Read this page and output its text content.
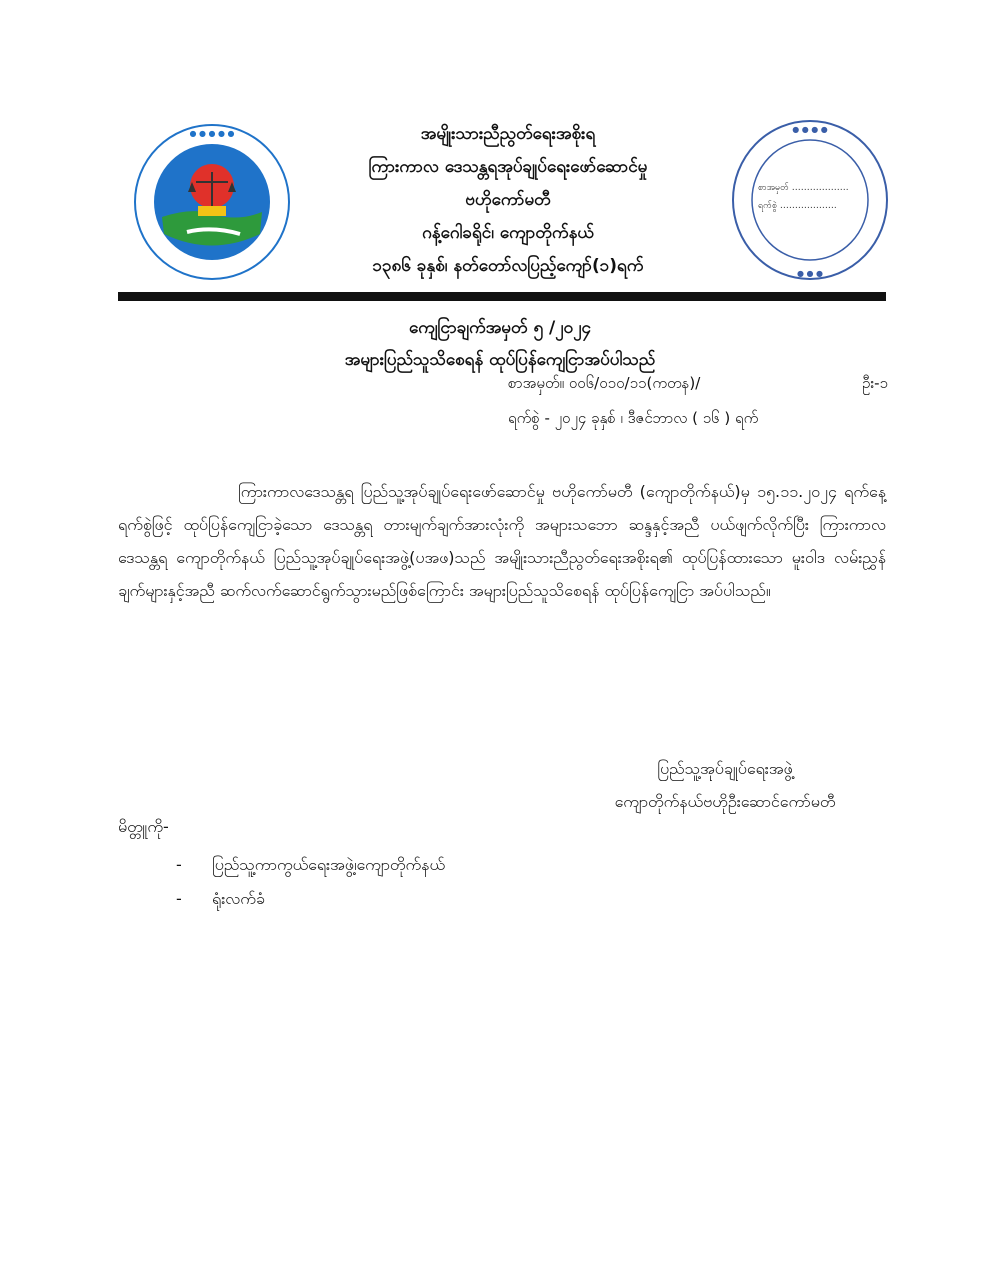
● ● ● ● ●	အမျိုးသားညီညွတ်ရေးအစိုးရ
ကြားကာလ ဒေသန္တရအုပ်ချုပ်ရေးဖော်ဆောင်မှု
ဗဟိုကော်မတီ
ဂန့်ဂေါခရိုင်၊ ကျောတိုက်နယ်
၁၃၈၆ ခုနှစ်၊ နတ်တော်လပြည့်ကျော်(၁)ရက်
● ● ● ●
● ● ●
စာအမှတ် ……………….
ရက်စွဲ ……………….
ကျေငြာချက်အမှတ် ၅ /၂၀၂၄
အများပြည်သူသိစေရန် ထုပ်ပြန်ကျေငြာအပ်ပါသည်
စာအမှတ်။ ၀၀၆/၀၁၀/၁၁(ကတန)/	ဦး-၁
ရက်စွဲ - ၂၀၂၄ ခုနှစ် ၊ ဒီဇင်ဘာလ ( ၁၆ ) ရက်
ကြားကာလဒေသန္တရ ပြည်သူ့အုပ်ချုပ်ရေးဖော်ဆောင်မှု ဗဟိုကော်မတီ (ကျောတိုက်နယ်)မှ ၁၅.၁၁.၂၀၂၄ ရက်နေ့ရက်စွဲဖြင့် ထုပ်ပြန်ကျေငြာခဲ့သော ဒေသန္တရ တားမျက်ချက်အားလုံးကို အများသဘော ဆန္ဒနှင့်အညီ ပယ်ဖျက်လိုက်ပြီး ကြားကာလ ဒေသန္တရ ကျောတိုက်နယ် ပြည်သူ့အုပ်ချုပ်ရေးအဖွဲ့(ပအဖ)သည် အမျိုးသားညီညွတ်ရေးအစိုးရ၏ ထုပ်ပြန်ထားသော မူးဝါဒ လမ်းညွှန်ချက်များနှင့်အညီ ဆက်လက်ဆောင်ရွက်သွားမည်ဖြစ်ကြောင်း အများပြည်သူသိစေရန် ထုပ်ပြန်ကျေငြာ အပ်ပါသည်။
ပြည်သူ့အုပ်ချုပ်ရေးအဖွဲ့
ကျောတိုက်နယ်ဗဟိုဦးဆောင်ကော်မတီ
မိတ္တူကို-
-	ပြည်သူ့ကာကွယ်ရေးအဖွဲ့၊ကျောတိုက်နယ်
-	ရုံးလက်ခံ
